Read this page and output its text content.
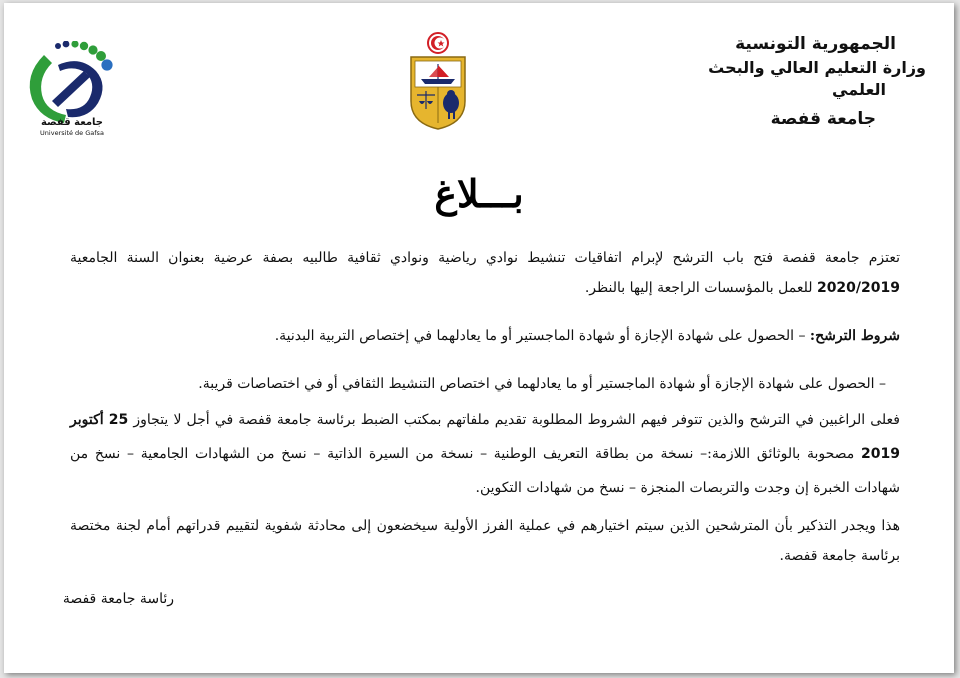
الجمهورية التونسية
وزارة التعليم العالي والبحث
العلمي
جامعة قفصة
جامعة قفصة
Université de Gafsa
بـــلاغ
تعتزم جامعة قفصة فتح باب الترشح لإبرام اتفاقيات تنشيط نوادي رياضية ونوادي ثقافية طالبيه بصفة عرضية بعنوان السنة الجامعية 2020/2019 للعمل بالمؤسسات الراجعة إليها بالنظر.
شروط الترشح: – الحصول على شهادة الإجازة أو شهادة الماجستير أو ما يعادلهما في إختصاص التربية البدنية.
– الحصول على شهادة الإجازة أو شهادة الماجستير أو ما يعادلهما في اختصاص التنشيط الثقافي أو في اختصاصات قريبة.
فعلى الراغبين في الترشح والذين تتوفر فيهم الشروط المطلوبة تقديم ملفاتهم بمكتب الضبط برئاسة جامعة قفصة في أجل لا يتجاوز 25 أكتوبر 2019 مصحوبة بالوثائق اللازمة:– نسخة من بطاقة التعريف الوطنية – نسخة من السيرة الذاتية – نسخ من الشهادات الجامعية – نسخ من شهادات الخبرة إن وجدت والتربصات المنجزة – نسخ من شهادات التكوين.
هذا ويجدر التذكير بأن المترشحين الذين سيتم اختيارهم في عملية الفرز الأولية سيخضعون إلى محادثة شفوية لتقييم قدراتهم أمام لجنة مختصة برئاسة جامعة قفصة.
رئاسة جامعة قفصة
